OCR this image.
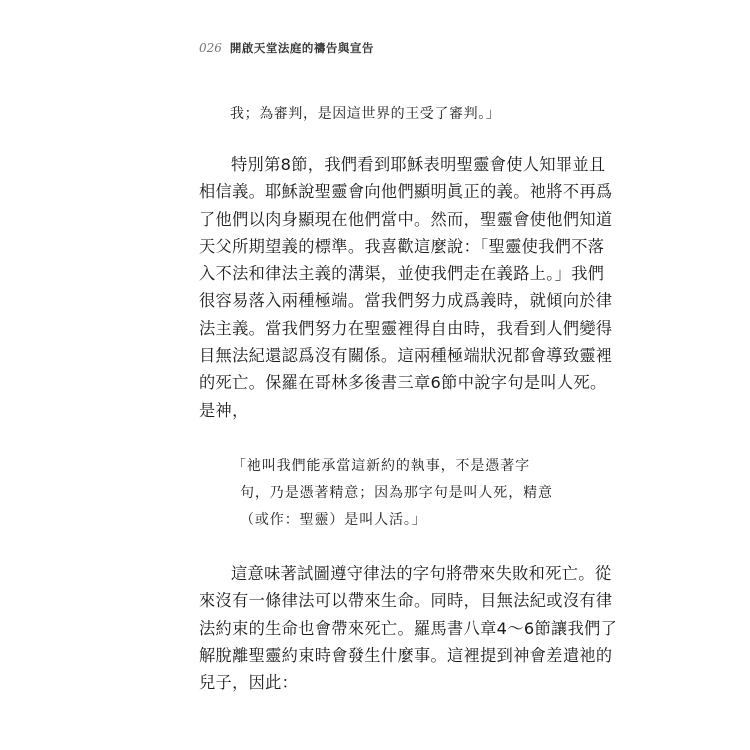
026 開啟天堂法庭的禱告與宣告
我；為審判，是因這世界的王受了審判。」
特別第8節，我們看到耶穌表明聖靈會使人知罪並且
相信義。耶穌說聖靈會向他們顯明眞正的義。祂將不再爲
了他們以肉身顯現在他們當中。然而，聖靈會使他們知道
天父所期望義的標準。我喜歡這麼說：「聖靈使我們不落
入不法和律法主義的溝渠，並使我們走在義路上。」我們
很容易落入兩種極端。當我們努力成爲義時，就傾向於律
法主義。當我們努力在聖靈裡得自由時，我看到人們變得
目無法紀還認爲沒有關係。這兩種極端狀況都會導致靈裡
的死亡。保羅在哥林多後書三章6節中說字句是叫人死。
是神，
「祂叫我們能承當這新約的執事，不是憑著字
句，乃是憑著精意；因為那字句是叫人死，精意
（或作：聖靈）是叫人活。」
這意味著試圖遵守律法的字句將帶來失敗和死亡。從
來沒有一條律法可以帶來生命。同時，目無法紀或沒有律
法約束的生命也會帶來死亡。羅馬書八章4～6節讓我們了
解脫離聖靈約束時會發生什麼事。這裡提到神會差遣祂的
兒子，因此：
